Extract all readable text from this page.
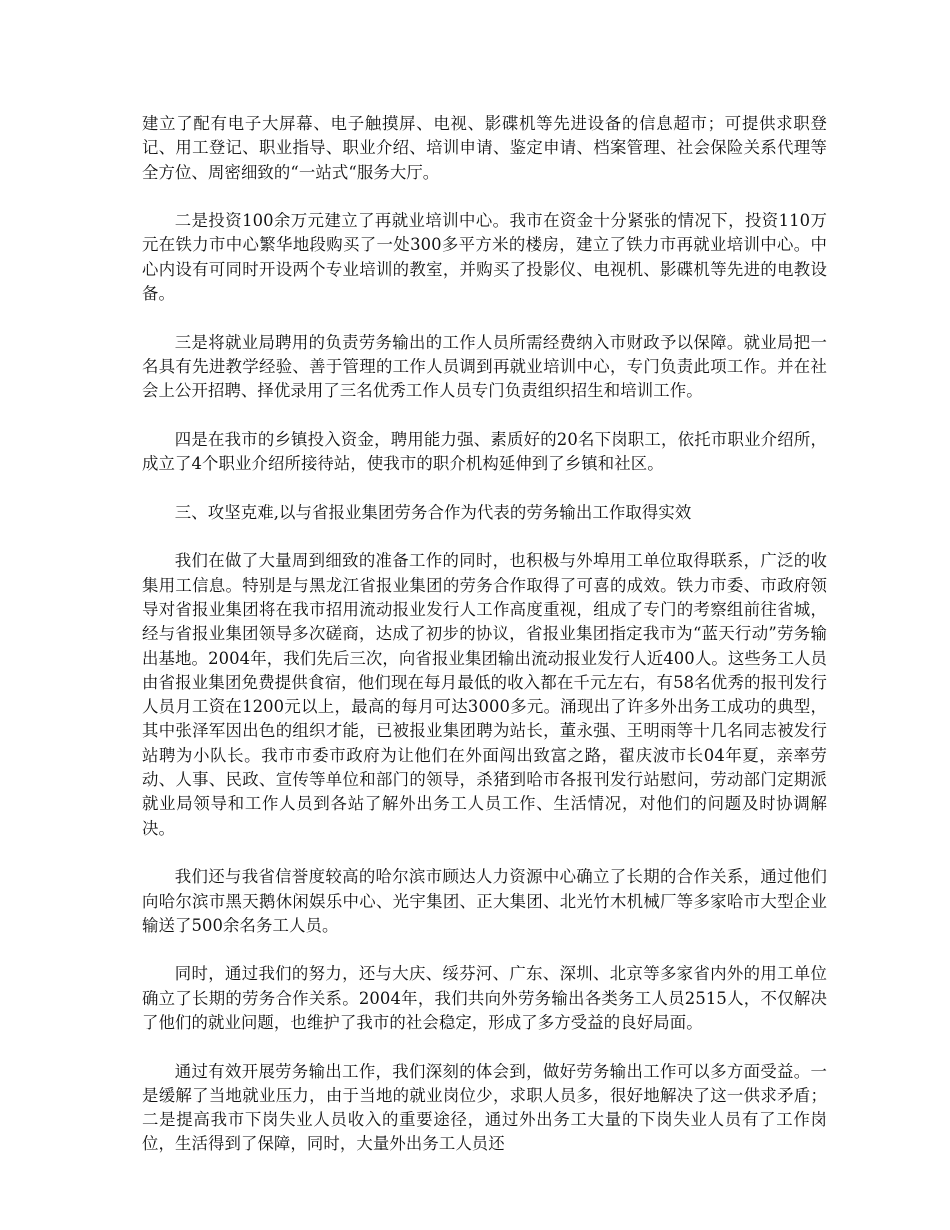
建立了配有电子大屏幕、电子触摸屏、电视、影碟机等先进设备的信息超市；可提供求职登记、用工登记、职业指导、职业介绍、培训申请、鉴定申请、档案管理、社会保险关系代理等全方位、周密细致的“一站式“服务大厅。

二是投资100余万元建立了再就业培训中心。我市在资金十分紧张的情况下，投资110万元在铁力市中心繁华地段购买了一处300多平方米的楼房，建立了铁力市再就业培训中心。中心内设有可同时开设两个专业培训的教室，并购买了投影仪、电视机、影碟机等先进的电教设备。

三是将就业局聘用的负责劳务输出的工作人员所需经费纳入市财政予以保障。就业局把一名具有先进教学经验、善于管理的工作人员调到再就业培训中心，专门负责此项工作。并在社会上公开招聘、择优录用了三名优秀工作人员专门负责组织招生和培训工作。

四是在我市的乡镇投入资金，聘用能力强、素质好的20名下岗职工，依托市职业介绍所，成立了4个职业介绍所接待站，使我市的职介机构延伸到了乡镇和社区。

三、攻坚克难,以与省报业集团劳务合作为代表的劳务输出工作取得实效

我们在做了大量周到细致的准备工作的同时，也积极与外埠用工单位取得联系，广泛的收集用工信息。特别是与黑龙江省报业集团的劳务合作取得了可喜的成效。铁力市委、市政府领导对省报业集团将在我市招用流动报业发行人工作高度重视，组成了专门的考察组前往省城，经与省报业集团领导多次磋商，达成了初步的协议，省报业集团指定我市为“蓝天行动”劳务输出基地。2004年，我们先后三次，向省报业集团输出流动报业发行人近400人。这些务工人员由省报业集团免费提供食宿，他们现在每月最低的收入都在千元左右，有58名优秀的报刊发行人员月工资在1200元以上，最高的每月可达3000多元。涌现出了许多外出务工成功的典型，其中张泽军因出色的组织才能，已被报业集团聘为站长，董永强、王明雨等十几名同志被发行站聘为小队长。我市市委市政府为让他们在外面闯出致富之路，翟庆波市长04年夏，亲率劳动、人事、民政、宣传等单位和部门的领导，杀猪到哈市各报刊发行站慰问，劳动部门定期派就业局领导和工作人员到各站了解外出务工人员工作、生活情况，对他们的问题及时协调解决。

我们还与我省信誉度较高的哈尔滨市顾达人力资源中心确立了长期的合作关系，通过他们向哈尔滨市黑天鹅休闲娱乐中心、光宇集团、正大集团、北光竹木机械厂等多家哈市大型企业输送了500余名务工人员。

同时，通过我们的努力，还与大庆、绥芬河、广东、深圳、北京等多家省内外的用工单位确立了长期的劳务合作关系。2004年，我们共向外劳务输出各类务工人员2515人，不仅解决了他们的就业问题，也维护了我市的社会稳定，形成了多方受益的良好局面。

通过有效开展劳务输出工作，我们深刻的体会到，做好劳务输出工作可以多方面受益。一是缓解了当地就业压力，由于当地的就业岗位少，求职人员多，很好地解决了这一供求矛盾；二是提高我市下岗失业人员收入的重要途径，通过外出务工大量的下岗失业人员有了工作岗位，生活得到了保障，同时，大量外出务工人员还
